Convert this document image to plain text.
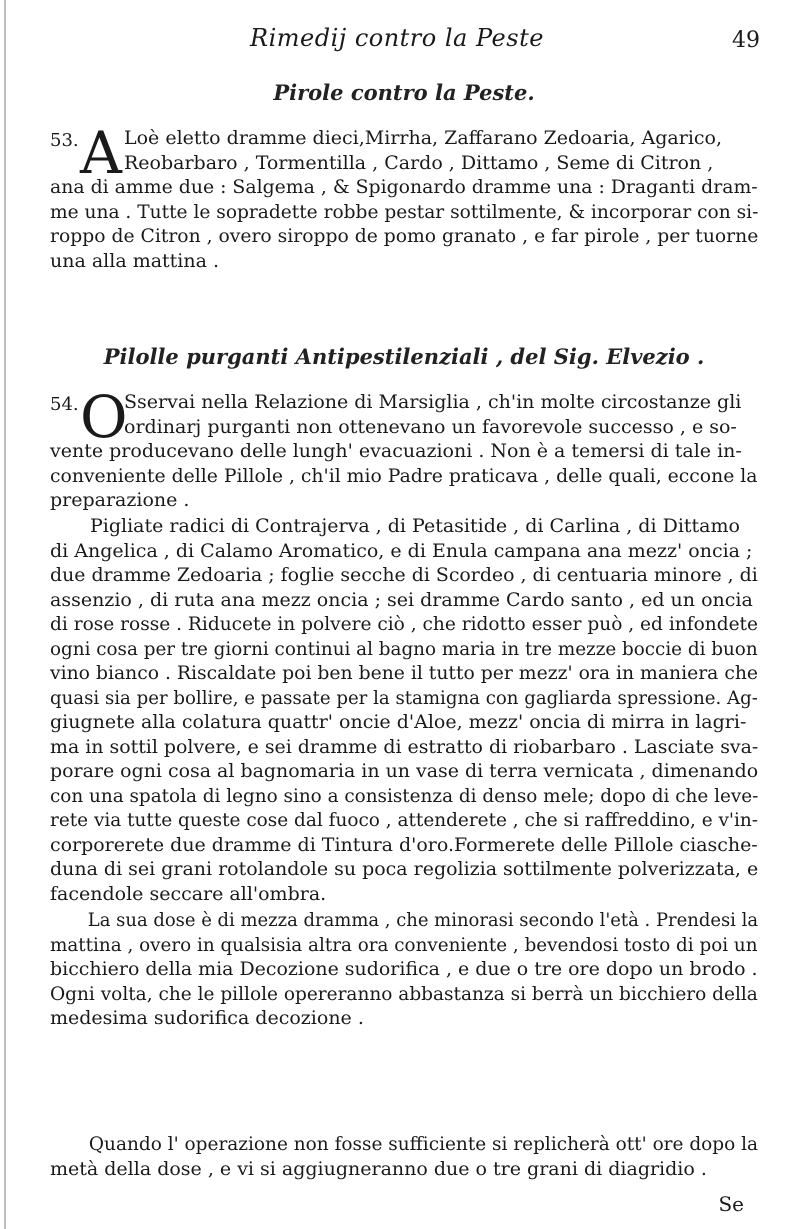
Rimedij contro la Peste	49
Pirole contro la Peste.
53. A Loè eletto dramme dieci,Mirrha, Zaffarano Zedoaria, Agarico,
Reobarbaro , Tormentilla , Cardo , Dittamo , Seme di Citron ,
ana di amme due : Salgema , & Spigonardo dramme una : Draganti dram-
me una . Tutte le sopradette robbe pestar sottilmente, & incorporar con si-
roppo de Citron , overo siroppo de pomo granato , e far pirole , per tuorne
una alla mattina .
Pilolle purganti Antipestilenziali , del Sig. Elvezio .
54. O
Sservai nella Relazione di Marsiglia , ch'in molte circostanze gli
ordinarj purganti non ottenevano un favorevole successo , e so-
vente producevano delle lungh' evacuazioni . Non è a temersi di tale in-
conveniente delle Pillole , ch'il mio Padre praticava , delle quali, eccone la
preparazione .
Pigliate radici di Contrajerva , di Petasitide , di Carlina , di Dittamo
di Angelica , di Calamo Aromatico, e di Enula campana ana mezz' oncia ;
due dramme Zedoaria ; foglie secche di Scordeo , di centuaria minore , di
assenzio , di ruta ana mezz oncia ; sei dramme Cardo santo , ed un oncia
di rose rosse . Riducete in polvere ciò , che ridotto esser può , ed infondete
ogni cosa per tre giorni continui al bagno maria in tre mezze boccie di buon
vino bianco . Riscaldate poi ben bene il tutto per mezz' ora in maniera che
quasi sia per bollire, e passate per la stamigna con gagliarda spressione. Ag-
giugnete alla colatura quattr' oncie d'Aloe, mezz' oncia di mirra in lagri-
ma in sottil polvere, e sei dramme di estratto di riobarbaro . Lasciate sva-
porare ogni cosa al bagnomaria in un vase di terra vernicata , dimenando
con una spatola di legno sino a consistenza di denso mele; dopo di che leve-
rete via tutte queste cose dal fuoco , attenderete , che si raffreddino, e v'in-
corporerete due dramme di Tintura d'oro.Formerete delle Pillole ciasche-
duna di sei grani rotolandole su poca regolizia sottilmente polverizzata, e
facendole seccare all'ombra.
La sua dose è di mezza dramma , che minorasi secondo l'età . Prendesi la
mattina , overo in qualsisia altra ora conveniente , bevendosi tosto di poi un
bicchiero della mia Decozione sudorifica , e due o tre ore dopo un brodo .
Ogni volta, che le pillole opereranno abbastanza si berrà un bicchiero della
medesima sudorifica decozione .
Quando l' operazione non fosse sufficiente si replicherà ott' ore dopo la
metà della dose , e vi si aggiugneranno due o tre grani di diagridio .
Se
